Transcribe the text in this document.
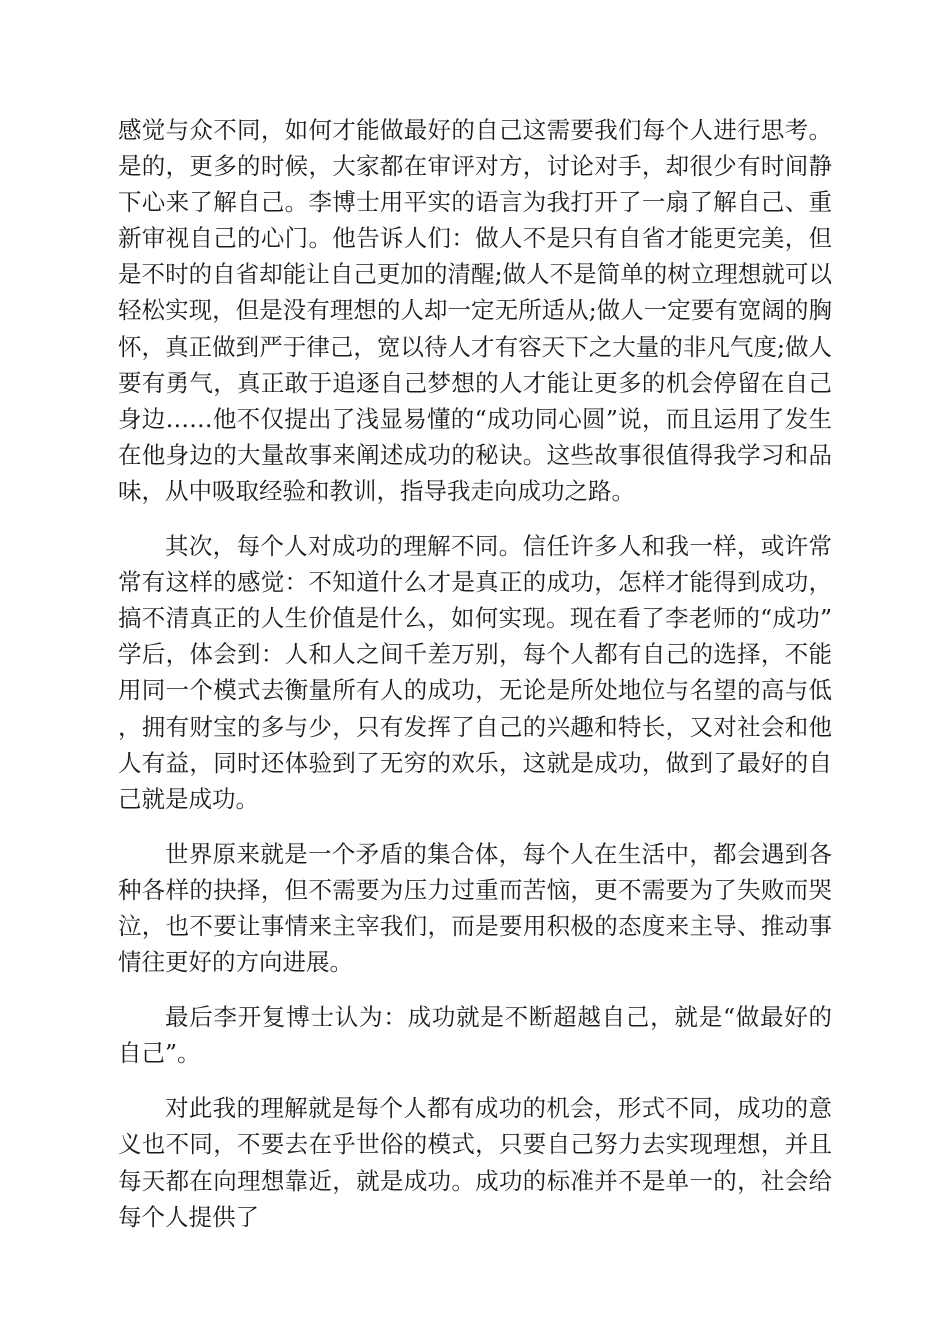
感觉与众不同，如何才能做最好的自己这需要我们每个人进行思考。是的，更多的时候，大家都在审评对方，讨论对手，却很少有时间静下心来了解自己。李博士用平实的语言为我打开了一扇了解自己、重新审视自己的心门。他告诉人们：做人不是只有自省才能更完美，但是不时的自省却能让自己更加的清醒;做人不是简单的树立理想就可以轻松实现，但是没有理想的人却一定无所适从;做人一定要有宽阔的胸怀，真正做到严于律己，宽以待人才有容天下之大量的非凡气度;做人要有勇气，真正敢于追逐自己梦想的人才能让更多的机会停留在自己身边……他不仅提出了浅显易懂的“成功同心圆”说，而且运用了发生在他身边的大量故事来阐述成功的秘诀。这些故事很值得我学习和品味，从中吸取经验和教训，指导我走向成功之路。

其次，每个人对成功的理解不同。信任许多人和我一样，或许常常有这样的感觉：不知道什么才是真正的成功，怎样才能得到成功，搞不清真正的人生价值是什么，如何实现。现在看了李老师的“成功”学后，体会到：人和人之间千差万别，每个人都有自己的选择，不能用同一个模式去衡量所有人的成功，无论是所处地位与名望的高与低，拥有财宝的多与少，只有发挥了自己的兴趣和特长，又对社会和他人有益，同时还体验到了无穷的欢乐，这就是成功，做到了最好的自己就是成功。

世界原来就是一个矛盾的集合体，每个人在生活中，都会遇到各种各样的抉择，但不需要为压力过重而苦恼，更不需要为了失败而哭泣，也不要让事情来主宰我们，而是要用积极的态度来主导、推动事情往更好的方向进展。

最后李开复博士认为：成功就是不断超越自己，就是“做最好的自己”。

对此我的理解就是每个人都有成功的机会，形式不同，成功的意义也不同，不要去在乎世俗的模式，只要自己努力去实现理想，并且每天都在向理想靠近，就是成功。成功的标准并不是单一的，社会给每个人提供了
